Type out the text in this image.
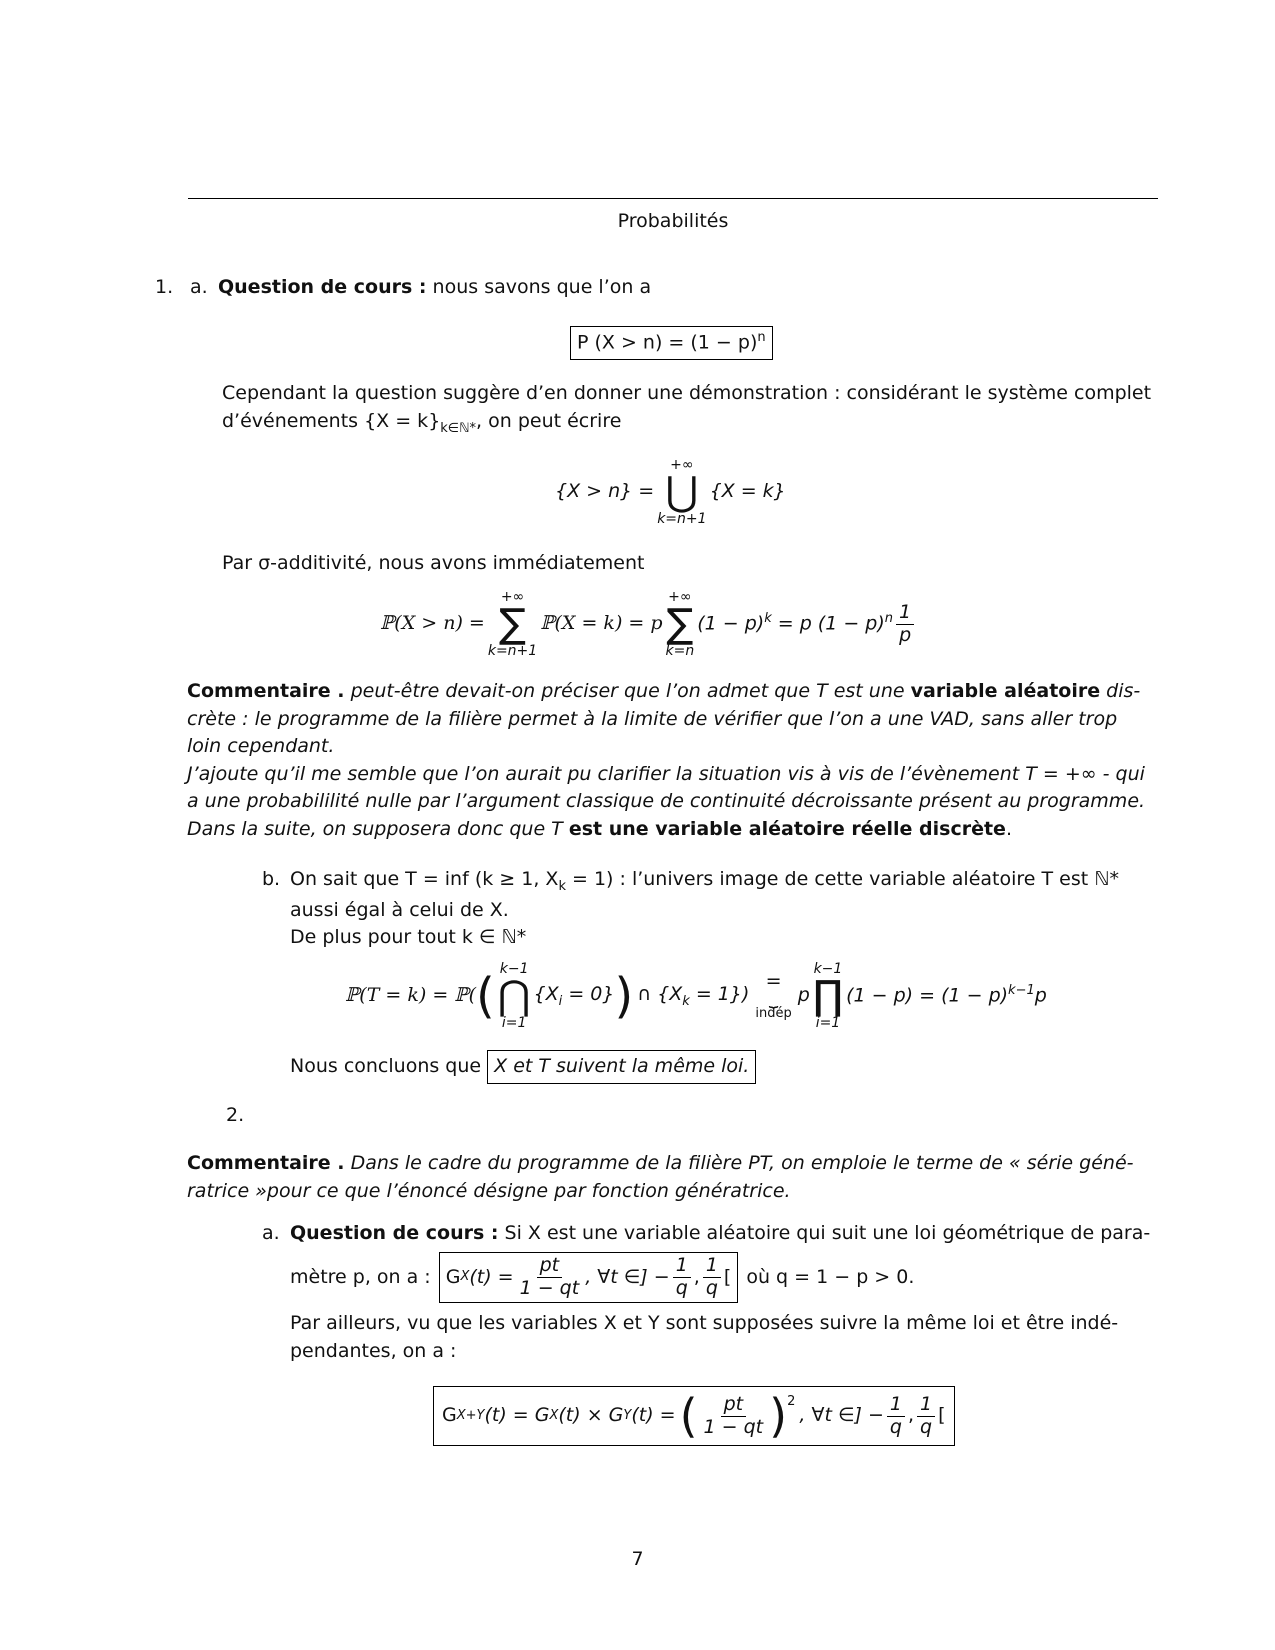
Probabilités
1. a. Question de cours : nous savons que l’on a
P $(X > n) = (1 - p)^n$
Cependant la question suggère d’en donner une démonstration : considérant le système complet
d’événements $\{X = k\}_{k\in ℕ*}$, on peut écrire
{X > n} =
+∞
⋃
k=n+1
{X = k}
Par σ-additivité, nous avons immédiatement
ℙ(X > n) =
+∞
∑
k=n+1
ℙ(X = k) = p
+∞
∑
k=n
$(1 - p)^k = p$ $(1 - p)^n \frac{1}{p}$
Commentaire . peut-être devait-on préciser que l’on admet que T est une variable aléatoire dis-
crète : le programme de la filière permet à la limite de vérifier que l’on a une VAD, sans aller trop
loin cependant.
J’ajoute qu’il me semble que l’on aurait pu clarifier la situation vis à vis de l’évènement T = +∞ - qui
a une probabililité nulle par l’argument classique de continuité décroissante présent au programme.
Dans la suite, on supposera donc que T est une variable aléatoire réelle discrète.
b. On sait que T = inf (k ≥ 1, $X_k = 1$) : l’univers image de cette variable aléatoire T est ℕ*
aussi égal à celui de X.
De plus pour tout k ∈ ℕ*
ℙ(T = k) = ℙ( ( k−1
⋂
i=1
$\{X_i = 0\}$ ) ∩ $\{X_k = 1\}$)
=
⏟
indép
p
k−1
∏
i=1
$(1 - p) = (1 - p)^{k-1}p$
Nous concluons que X et T suivent la même loi.
2.
Commentaire . Dans le cadre du programme de la filière PT, on emploie le terme de « série géné-
ratrice »pour ce que l’énoncé désigne par fonction génératrice.
a. Question de cours : Si X est une variable aléatoire qui suit une loi géométrique de para-
mètre p, on a : G X $(t) = \frac{pt}{1 - qt}$ , ∀t ∈] − $\frac{1}{q}$ , $\frac{1}{q}$ [ où q = 1 − p > 0.
Par ailleurs, vu que les variables X et Y sont supposées suivre la même loi et être indé-
pendantes, on a :
G X+Y (t) = G X (t) × G Y (t) = ( $\frac{pt}{1 - qt} )^2$
, ∀t ∈] − $\frac{1}{q}$ , $\frac{1}{q}$ [
7
